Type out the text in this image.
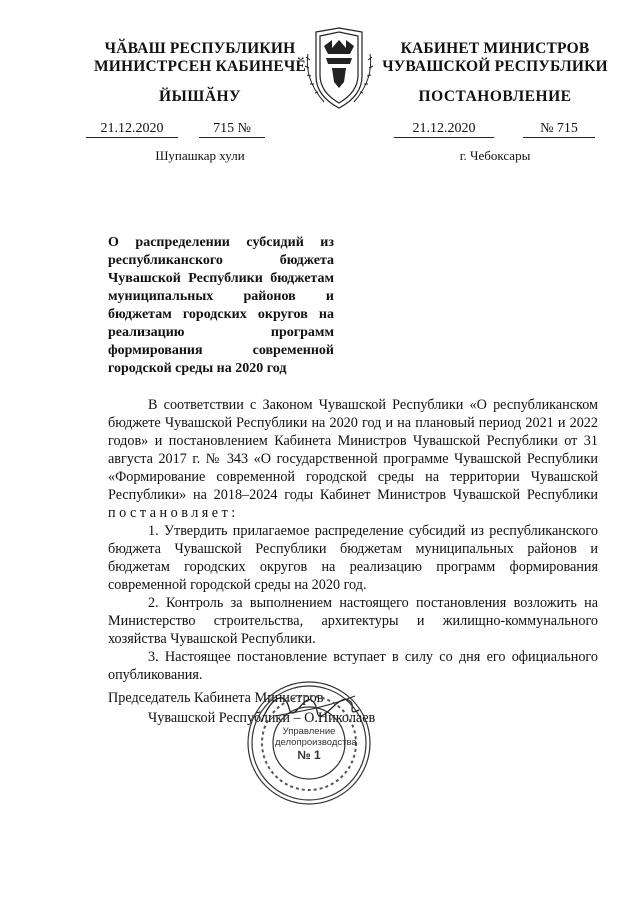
ЧӐВАШ РЕСПУБЛИКИН
МИНИСТРСЕН КАБИНЕЧӖ
КАБИНЕТ МИНИСТРОВ
ЧУВАШСКОЙ РЕСПУБЛИКИ
ЙЫШӐНУ	ПОСТАНОВЛЕНИЕ
21.12.2020	715 №	21.12.2020	№ 715
Шупашкар хули	г. Чебоксары
О распределении субсидий из республиканского бюджета Чувашской Республики бюджетам муниципальных районов и бюджетам городских округов на реализацию программ формирования современной городской среды на 2020 год

В соответствии с Законом Чувашской Республики «О республиканском бюджете Чувашской Республики на 2020 год и на плановый период 2021 и 2022 годов» и постановлением Кабинета Министров Чувашской Республики от 31 августа 2017 г. № 343 «О государственной программе Чувашской Республики «Формирование современной городской среды на территории Чувашской Республики» на 2018–2024 годы Кабинет Министров Чувашской Республики постановляет:

1. Утвердить прилагаемое распределение субсидий из республиканского бюджета Чувашской Республики бюджетам муниципальных районов и бюджетам городских округов на реализацию программ формирования современной городской среды на 2020 год.

2. Контроль за выполнением настоящего постановления возложить на Министерство строительства, архитектуры и жилищно-коммунального хозяйства Чувашской Республики.

3. Настоящее постановление вступает в силу со дня его официального опубликования.

Председатель Кабинета Министров
Чувашской Республики – О.Николаев
Управление
делопроизводства
№ 1
